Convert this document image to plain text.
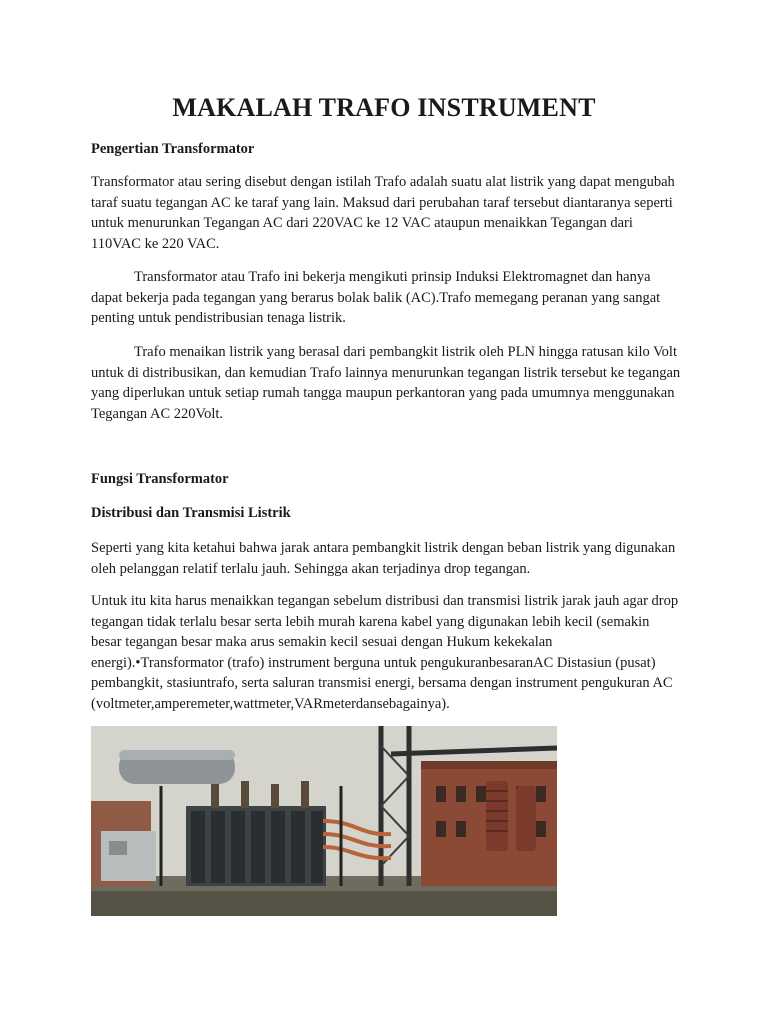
MAKALAH TRAFO INSTRUMENT
Pengertian Transformator

Transformator atau sering disebut dengan istilah Trafo adalah suatu alat listrik yang dapat mengubah taraf suatu tegangan AC ke taraf yang lain. Maksud dari perubahan taraf tersebut diantaranya seperti untuk menurunkan Tegangan AC dari 220VAC ke 12 VAC ataupun menaikkan Tegangan dari 110VAC ke 220 VAC.

Transformator atau Trafo ini bekerja mengikuti prinsip Induksi Elektromagnet dan hanya dapat bekerja pada tegangan yang berarus bolak balik (AC).Trafo memegang peranan yang sangat penting untuk pendistribusian tenaga listrik.

Trafo menaikan listrik yang berasal dari pembangkit listrik oleh PLN hingga ratusan kilo Volt untuk di distribusikan, dan kemudian Trafo lainnya menurunkan tegangan listrik tersebut ke tegangan yang diperlukan untuk setiap rumah tangga maupun perkantoran yang pada umumnya menggunakan Tegangan AC 220Volt.

Fungsi Transformator
Distribusi dan Transmisi Listrik

Seperti yang kita ketahui bahwa jarak antara pembangkit listrik dengan beban listrik yang digunakan oleh pelanggan relatif terlalu jauh. Sehingga akan terjadinya drop tegangan.

Untuk itu kita harus menaikkan tegangan sebelum distribusi dan transmisi listrik jarak jauh agar drop tegangan tidak terlalu besar serta lebih murah karena kabel yang digunakan lebih kecil (semakin besar tegangan besar maka arus semakin kecil sesuai dengan Hukum kekekalan energi).•Transformator (trafo) instrument berguna untuk pengukuranbesaranAC Distasiun (pusat) pembangkit, stasiuntrafo, serta saluran transmisi energi, bersama dengan instrument pengukuran AC (voltmeter,amperemeter,wattmeter,VARmeterdansebagainya).
